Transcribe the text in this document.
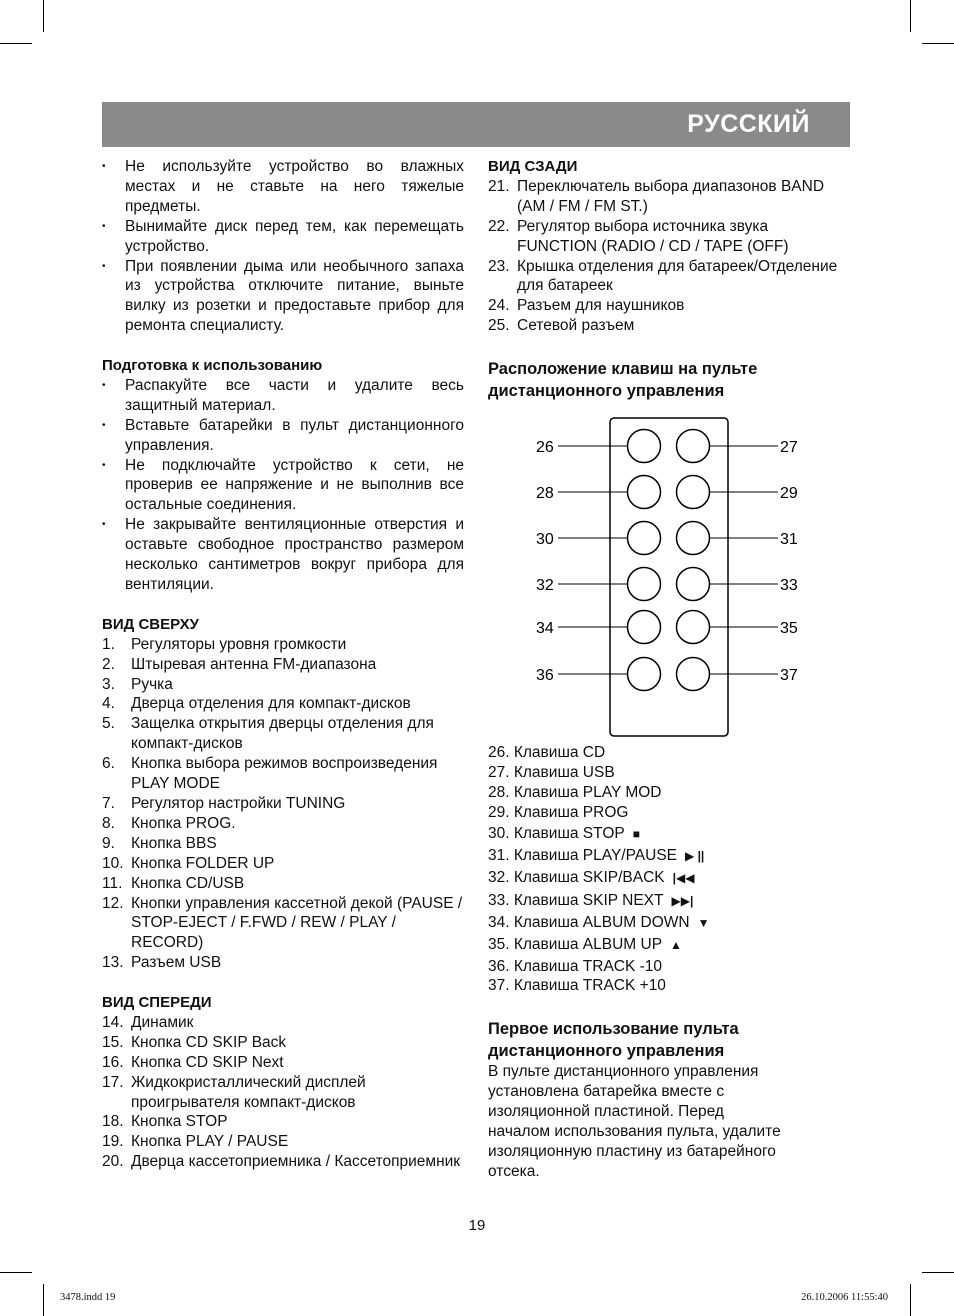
РУССКИЙ
• Не используйте устройство во влажных местах и не ставьте на него тяжелые предметы.
• Вынимайте диск перед тем, как перемещать устройство.
• При появлении дыма или необычного запаха из устройства отключите питание, выньте вилку из розетки и предоставьте прибор для ремонта специалисту.
Подготовка к использованию
• Распакуйте все части и удалите весь защитный материал.
• Вставьте батарейки в пульт дистанционного управления.
• Не подключайте устройство к сети, не проверив ее напряжение и не выполнив все остальные соединения.
• Не закрывайте вентиляционные отверстия и оставьте свободное пространство размером несколько сантиметров вокруг прибора для вентиляции.
ВИД СВЕРХУ
1. Регуляторы уровня громкости
2. Штыревая антенна FM-диапазона
3. Ручка
4. Дверца отделения для компакт-дисков
5. Защелка открытия дверцы отделения для компакт-дисков
6. Кнопка выбора режимов воспроизведения PLAY MODE
7. Регулятор настройки TUNING
8. Кнопка PROG.
9. Кнопка BBS
10. Кнопка FOLDER UP
11. Кнопка CD/USB
12. Кнопки управления кассетной декой (PAUSE / STOP-EJECT / F.FWD / REW / PLAY / RECORD)
13. Разъем USB
ВИД СПЕРЕДИ
14. Динамик
15. Кнопка CD SKIP Back
16. Кнопка CD SKIP Next
17. Жидкокристаллический дисплей проигрывателя компакт-дисков
18. Кнопка STOP
19. Кнопка PLAY / PAUSE
20. Дверца кассетоприемника / Кассетоприемник
ВИД СЗАДИ
21. Переключатель выбора диапазонов BAND (AM / FM / FM ST.)
22. Регулятор выбора источника звука FUNCTION (RADIO / CD / TAPE (OFF)
23. Крышка отделения для батареек/Отделение для батареек
24. Разъем для наушников
25. Сетевой разъем
Расположение клавиш на пульте дистанционного управления
26	27
28	29
30	31
32	33
34	35
36	37
26. Клавиша CD
27. Клавиша USB
28. Клавиша PLAY MOD
29. Клавиша PROG
30. Клавиша STOP ■
31. Клавиша PLAY/PAUSE ▶ ||
32. Клавиша SKIP/BACK |◀◀
33. Клавиша SKIP NEXT ▶▶|
34. Клавиша ALBUM DOWN ▼
35. Клавиша ALBUM UP ▲
36. Клавиша TRACK -10
37. Клавиша TRACK +10
Первое использование пульта дистанционного управления
В пульте дистанционного управления
установлена батарейка вместе с
изоляционной пластиной. Перед
началом использования пульта, удалите
изоляционную пластину из батарейного
отсека.
19
3478.indd 19	26.10.2006 11:55:40
